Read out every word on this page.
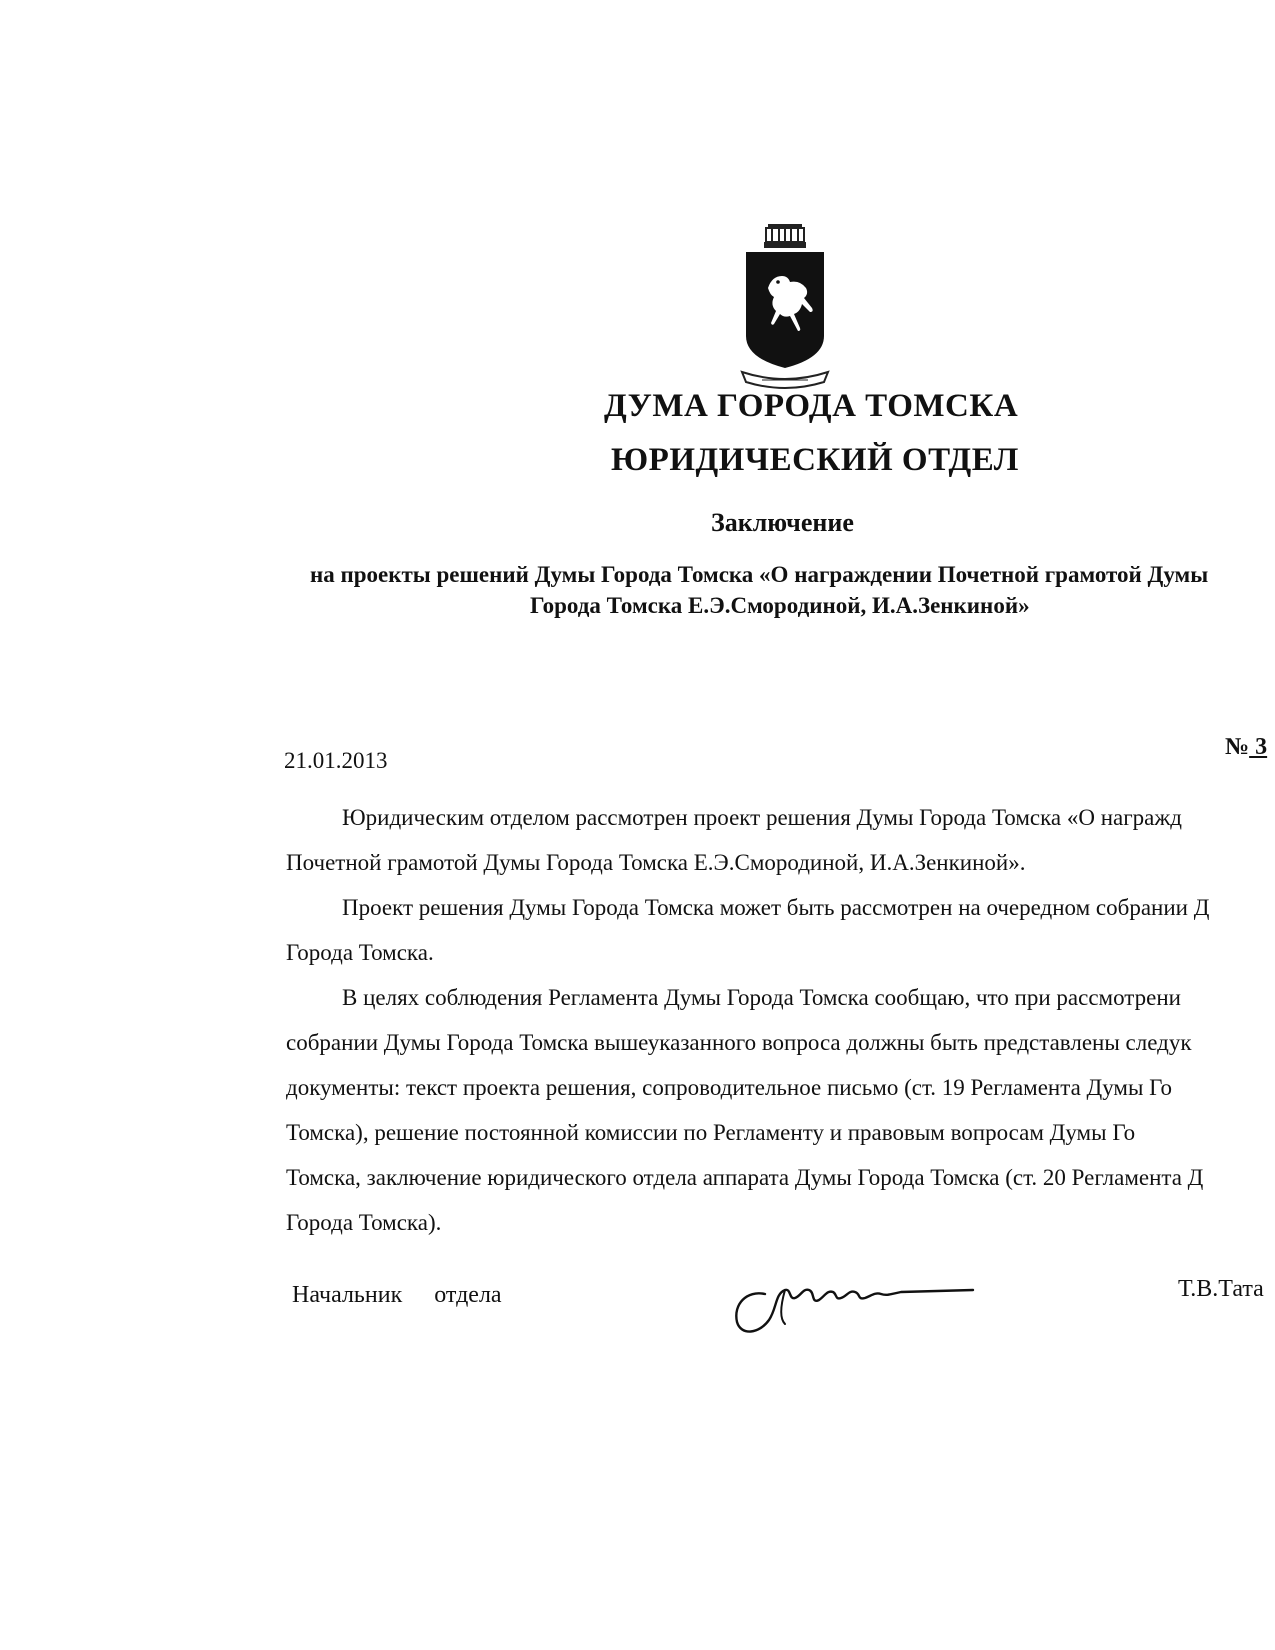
ДУМА ГОРОДА ТОМСКА
ЮРИДИЧЕСКИЙ ОТДЕЛ
Заключение
на проекты решений Думы Города Томска «О награждении Почетной грамотой Думы
Города Томска Е.Э.Смородиной, И.А.Зенкиной»
21.01.2013
№ 3

Юридическим отделом рассмотрен проект решения Думы Города Томска «О награжд
Почетной грамотой Думы Города Томска Е.Э.Смородиной, И.А.Зенкиной».

Проект решения Думы Города Томска может быть рассмотрен на очередном собрании Д
Города Томска.

В целях соблюдения Регламента Думы Города Томска сообщаю, что при рассмотрени
собрании Думы Города Томска вышеуказанного вопроса должны быть представлены следук
документы: текст проекта решения, сопроводительное письмо (ст. 19 Регламента Думы Го
Томска), решение постоянной комиссии по Регламенту и правовым вопросам Думы Го
Томска, заключение юридического отдела аппарата Думы Города Томска (ст. 20 Регламента Д
Города Томска).

Начальник отдела	Т.В.Тата
